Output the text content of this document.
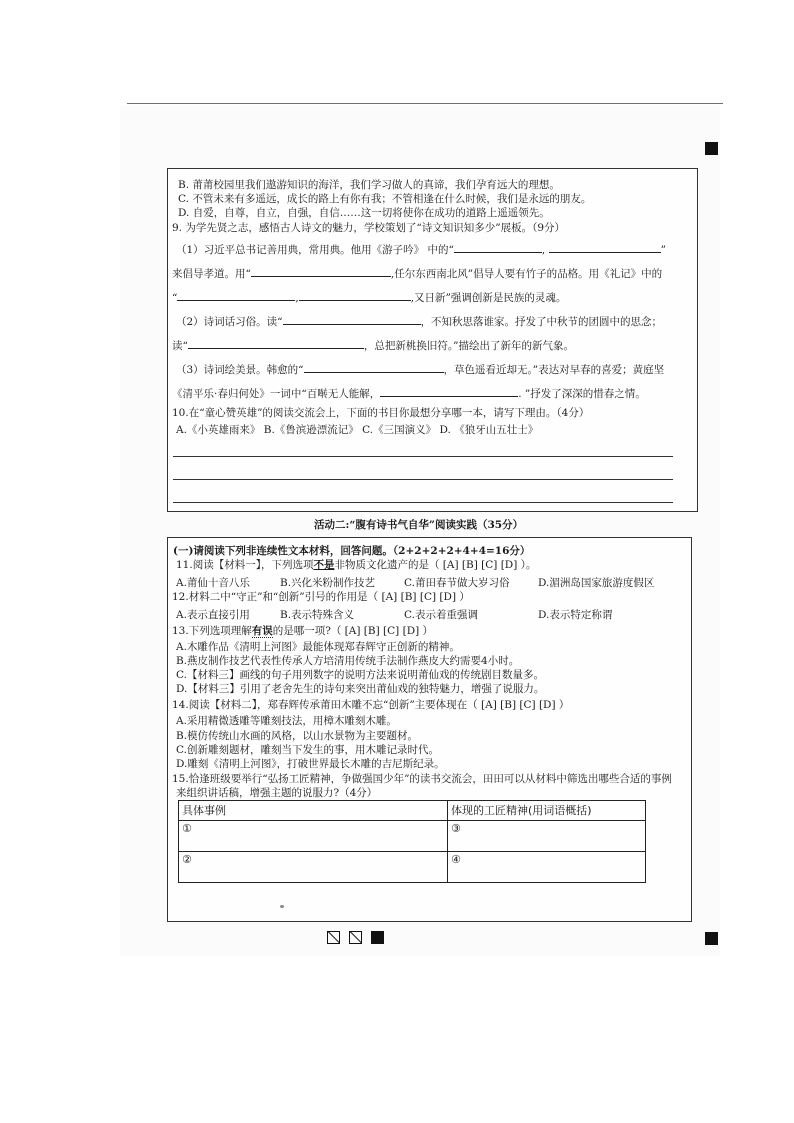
B. 莆莆校园里我们遨游知识的海洋，我们学习做人的真谛，我们孕育远大的理想。
C. 不管未来有多遥远，成长的路上有你有我；不管相逢在什么时候，我们是永远的朋友。
D. 自爱，自尊，自立，自强，自信……这一切将使你在成功的道路上遥遥领先。
9. 为学先贤之志，感悟古人诗文的魅力，学校策划了“诗文知识知多少”展板。（9分）
（1）习近平总书记善用典，常用典。他用《游子吟》 中的“	,	”
来倡导孝道。用“	,任尔东西南北风”倡导人要有竹子的品格。用《礼记》中的
“	,	,又日新”强调创新是民族的灵魂。
（2）诗词话习俗。读“	，不知秋思落谁家。抒发了中秋节的团圆中的思念；
读“	，总把新桃换旧符。”描绘出了新年的新气象。
（3）诗词绘美景。韩愈的“	，草色遥看近却无。”表达对早春的喜爱；黄庭坚
《清平乐·春归何处》一词中“百啭无人能解，	. ”抒发了深深的惜春之情。
10.在“童心赞英雄”的阅读交流会上，下面的书目你最想分享哪一本，请写下理由。（4分）
A.《小英雄雨来》 B.《鲁滨逊漂流记》 C.《三国演义》 D. 《狼牙山五壮士》
活动二:“腹有诗书气自华”阅读实践（35分）
(一)请阅读下列非连续性文本材料，回答问题。（2+2+2+2+4+4=16分）
11.阅读【材料一】，下列选项不是非物质文化遗产的是（ [A] [B] [C] [D] ）。
A.莆仙十音八乐	B.兴化米粉制作技艺	C.莆田春节做大岁习俗	D.湄洲岛国家旅游度假区
12.材料二中“守正”和“创新”引号的作用是（ [A] [B] [C] [D] ）
A.表示直接引用	B.表示特殊含义	C.表示着重强调	D.表示特定称谓
13.下列选项理解有误的是哪一项?（ [A] [B] [C] [D] ）
A.木雕作品《清明上河图》最能体现郑春辉守正创新的精神。
B.燕皮制作技艺代表性传承人方培清用传统手法制作燕皮大约需要4小时。
C.【材料三】画线的句子用列数字的说明方法来说明莆仙戏的传统剧目数量多。
D.【材料三】引用了老舍先生的诗句来突出莆仙戏的独特魅力，增强了说服力。
14.阅读【材料二】，郑春辉传承莆田木雕不忘“创新”主要体现在（ [A] [B] [C] [D] ）
A.采用精微透雕等雕刻技法，用樟木雕刻木雕。
B.模仿传统山水画的风格，以山水景物为主要题材。
C.创新雕刻题材，雕刻当下发生的事，用木雕记录时代。
D.雕刻《清明上河图》，打破世界最长木雕的吉尼斯纪录。
15.恰逢班级要举行“弘扬工匠精神，争做强国少年”的读书交流会，田田可以从材料中筛选出哪些合适的事例
来组织讲话稿，增强主题的说服力?（4分）
具体事例	体现的工匠精神(用词语概括)
①	③
②	④
